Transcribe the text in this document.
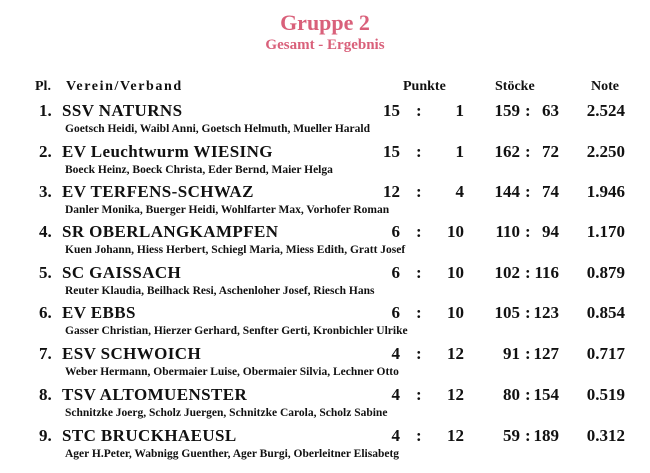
Gruppe 2
Gesamt - Ergebnis
Pl. Verein/Verband	Punkte	Stöcke	Note
1. SSV NATURNS	15 : 1 159 : 63 2.524
Goetsch Heidi, Waibl Anni, Goetsch Helmuth, Mueller Harald
2. EV Leuchtwurm WIESING	15 : 1 162 : 72 2.250
Boeck Heinz, Boeck Christa, Eder Bernd, Maier Helga
3. EV TERFENS-SCHWAZ	12 : 4 144 : 74 1.946
Danler Monika, Buerger Heidi, Wohlfarter Max, Vorhofer Roman
4. SR OBERLANGKAMPFEN	6 : 10 110 : 94 1.170
Kuen Johann, Hiess Herbert, Schiegl Maria, Miess Edith, Gratt Josef
5. SC GAISSACH	6 : 10 102 : 116 0.879
Reuter Klaudia, Beilhack Resi, Aschenloher Josef, Riesch Hans
6. EV EBBS	6 : 10 105 : 123 0.854
Gasser Christian, Hierzer Gerhard, Senfter Gerti, Kronbichler Ulrike
7. ESV SCHWOICH	4 : 12 91 : 127 0.717
Weber Hermann, Obermaier Luise, Obermaier Silvia, Lechner Otto
8. TSV ALTOMUENSTER	4 : 12 80 : 154 0.519
Schnitzke Joerg, Scholz Juergen, Schnitzke Carola, Scholz Sabine
9. STC BRUCKHAEUSL	4 : 12 59 : 189 0.312
Ager H.Peter, Wabnigg Guenther, Ager Burgi, Oberleitner Elisabetg
